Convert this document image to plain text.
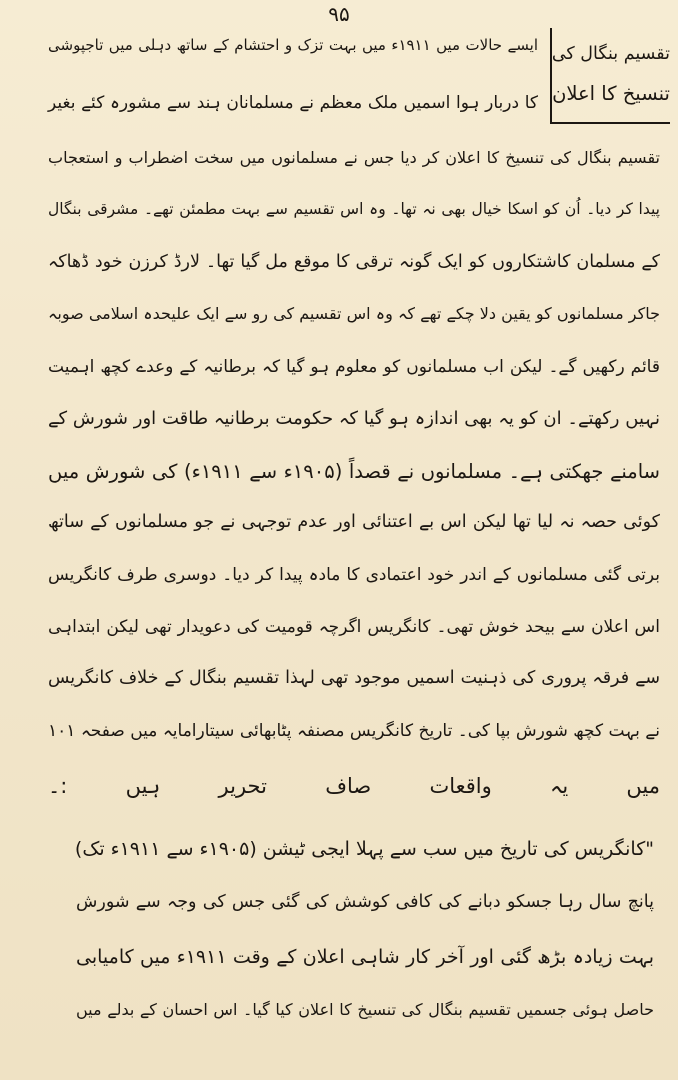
۹۵
تقسیم بنگال کی
تنسیخ کا اعلان
ایسے حالات میں ۱۹۱۱ء میں بہت تزک و احتشام کے ساتھ دہلی میں تاجپوشی
کا دربار ہوا اسمیں ملک معظم نے مسلمانان ہند سے مشورہ کئے بغیر
تقسیم بنگال کی تنسیخ کا اعلان کر دیا جس نے مسلمانوں میں سخت اضطراب و استعجاب
پیدا کر دیا۔ اُن کو اسکا خیال بھی نہ تھا۔ وہ اس تقسیم سے بہت مطمئن تھے۔ مشرقی بنگال
کے مسلمان کاشتکاروں کو ایک گونہ ترقی کا موقع مل گیا تھا۔ لارڈ کرزن خود ڈھاکہ
جاکر مسلمانوں کو یقین دلا چکے تھے کہ وہ اس تقسیم کی رو سے ایک علیحدہ اسلامی صوبہ
قائم رکھیں گے۔ لیکن اب مسلمانوں کو معلوم ہو گیا کہ برطانیہ کے وعدے کچھ اہمیت
نہیں رکھتے۔ ان کو یہ بھی اندازہ ہو گیا کہ حکومت برطانیہ طاقت اور شورش کے
سامنے جھکتی ہے۔ مسلمانوں نے قصداً (۱۹۰۵ء سے ۱۹۱۱ء) کی شورش میں
کوئی حصہ نہ لیا تھا لیکن اس بے اعتنائی اور عدم توجہی نے جو مسلمانوں کے ساتھ
برتی گئی مسلمانوں کے اندر خود اعتمادی کا مادہ پیدا کر دیا۔ دوسری طرف کانگریس
اس اعلان سے بیحد خوش تھی۔ کانگریس اگرچہ قومیت کی دعویدار تھی لیکن ابتداہی
سے فرقہ پروری کی ذہنیت اسمیں موجود تھی لہذا تقسیم بنگال کے خلاف کانگریس
نے بہت کچھ شورش بپا کی۔ تاریخ کانگریس مصنفہ پٹابھائی سیتارامایہ میں صفحہ ۱۰۱
میں یہ واقعات صاف تحریر ہیں :۔
"کانگریس کی تاریخ میں سب سے پہلا ایجی ٹیشن (۱۹۰۵ء سے ۱۹۱۱ء تک)
پانچ سال رہا جسکو دبانے کی کافی کوشش کی گئی جس کی وجہ سے شورش
بہت زیادہ بڑھ گئی اور آخر کار شاہی اعلان کے وقت ۱۹۱۱ء میں کامیابی
حاصل ہوئی جسمیں تقسیم بنگال کی تنسیخ کا اعلان کیا گیا۔ اس احسان کے بدلے میں
